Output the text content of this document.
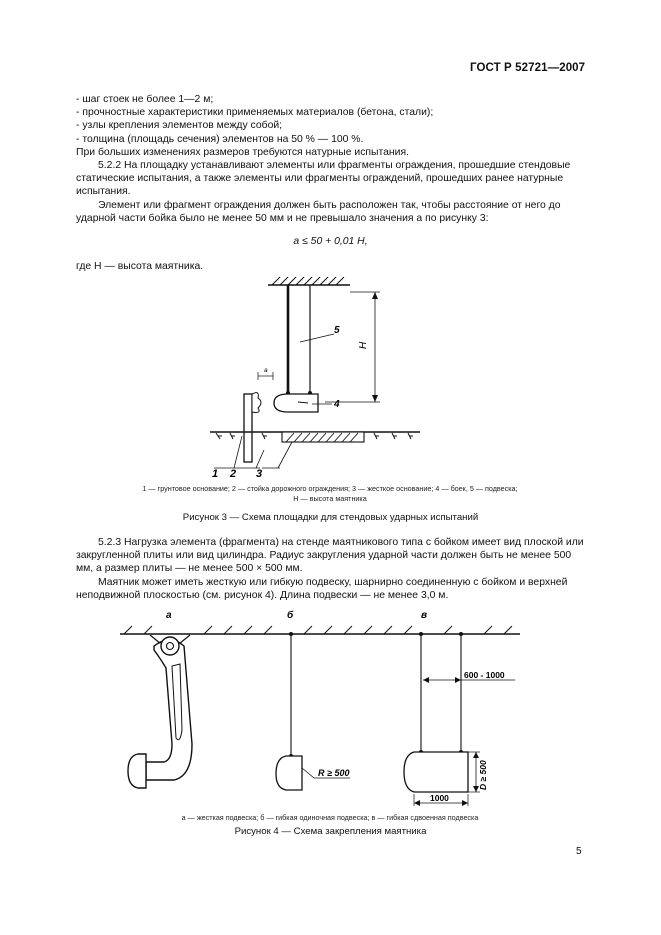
ГОСТ Р 52721—2007

- шаг стоек не более 1—2 м;

- прочностные характеристики применяемых материалов (бетона, стали);

- узлы крепления элементов между собой;

- толщина (площадь сечения) элементов на 50 % — 100 %.

При больших изменениях размеров требуются натурные испытания.

5.2.2 На площадку устанавливают элементы или фрагменты ограждения, прошедшие стендовые статические испытания, а также элементы или фрагменты ограждений, прошедших ранее натурные испытания.

Элемент или фрагмент ограждения должен быть расположен так, чтобы расстояние от него до ударной части бойка было не менее 50 мм и не превышало значения a по рисунку 3:

a ≤ 50 + 0,01 H,

где H — высота маятника.

H
5
4
a
1 2 3
1 — грунтовое основание; 2 — стойка дорожного ограждения; 3 — жесткое основание; 4 — боек, 5 — подвеска;
H — высота маятника
Рисунок 3 — Схема площадки для стендовых ударных испытаний

5.2.3 Нагрузка элемента (фрагмента) на стенде маятникового типа с бойком имеет вид плоской или закругленной плиты или вид цилиндра. Радиус закругления ударной части должен быть не менее 500 мм, а размер плиты — не менее 500 × 500 мм.

Маятник может иметь жесткую или гибкую подвеску, шарнирно соединенную с бойком и верхней неподвижной плоскостью (см. рисунок 4). Длина подвески — не менее 3,0 м.

а	б	в
R ≥ 500
600 - 1000
D ≥ 500
1000
а — жесткая подвеска; б — гибкая одиночная подвеска; в — гибкая сдвоенная подвеска
Рисунок 4 — Схема закрепления маятника
5
